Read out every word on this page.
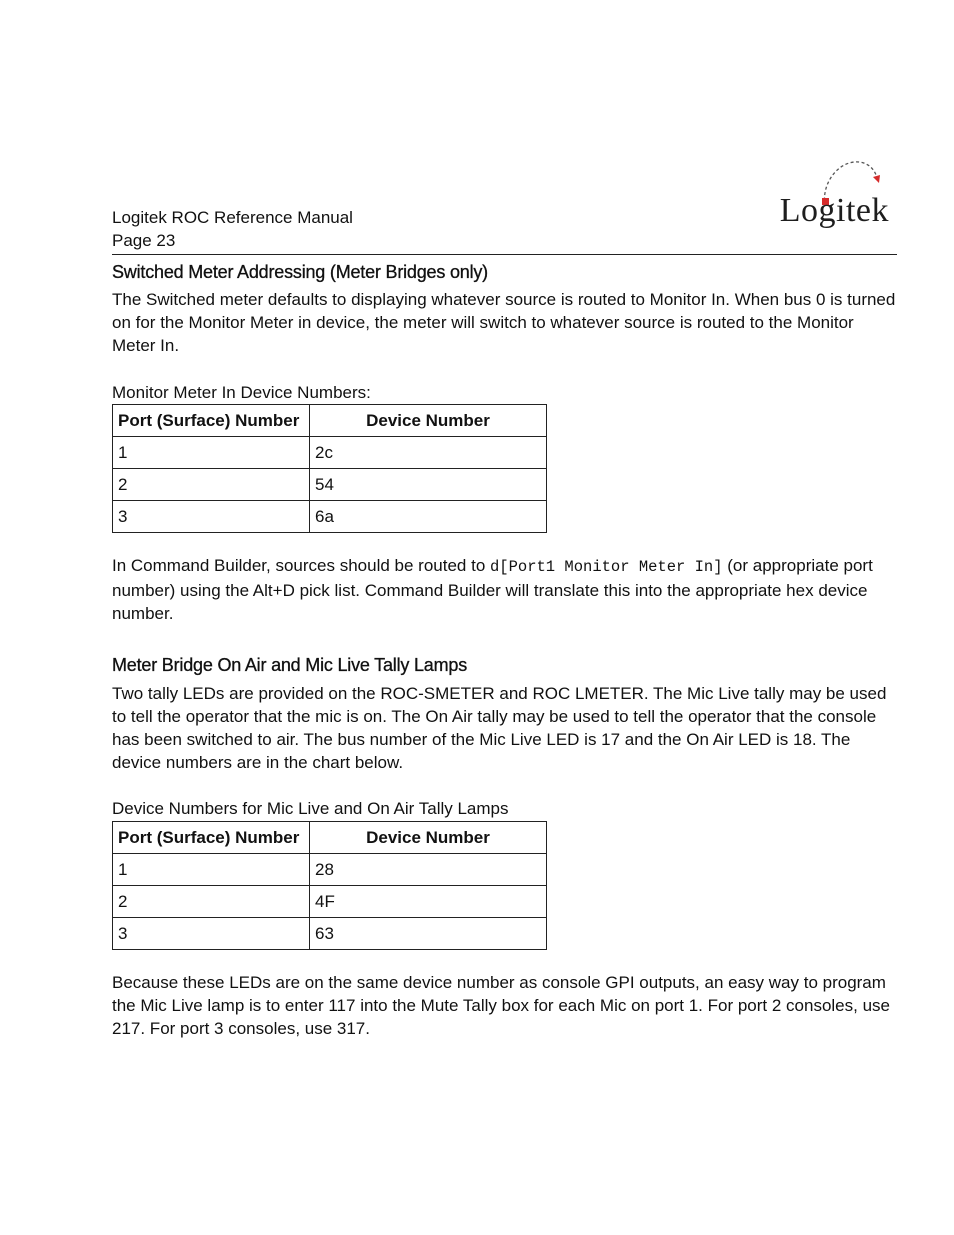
Logitek ROC Reference Manual
Page 23
Logitek
Switched Meter Addressing (Meter Bridges only)

The Switched meter defaults to displaying whatever source is routed to Monitor In. When bus 0 is turned on for the Monitor Meter in device, the meter will switch to whatever source is routed to the Monitor Meter In.

Monitor Meter In Device Numbers:

Port (Surface) Number	Device Number
1	2c
2	54
3	6a

In Command Builder, sources should be routed to d[Port1 Monitor Meter In] (or appropriate port number) using the Alt+D pick list. Command Builder will translate this into the appropriate hex device number.

Meter Bridge On Air and Mic Live Tally Lamps

Two tally LEDs are provided on the ROC-SMETER and ROC LMETER. The Mic Live tally may be used to tell the operator that the mic is on. The On Air tally may be used to tell the operator that the console has been switched to air. The bus number of the Mic Live LED is 17 and the On Air LED is 18. The device numbers are in the chart below.

Device Numbers for Mic Live and On Air Tally Lamps

Port (Surface) Number	Device Number
1	28
2	4F
3	63

Because these LEDs are on the same device number as console GPI outputs, an easy way to program the Mic Live lamp is to enter 117 into the Mute Tally box for each Mic on port 1. For port 2 consoles, use 217. For port 3 consoles, use 317.
